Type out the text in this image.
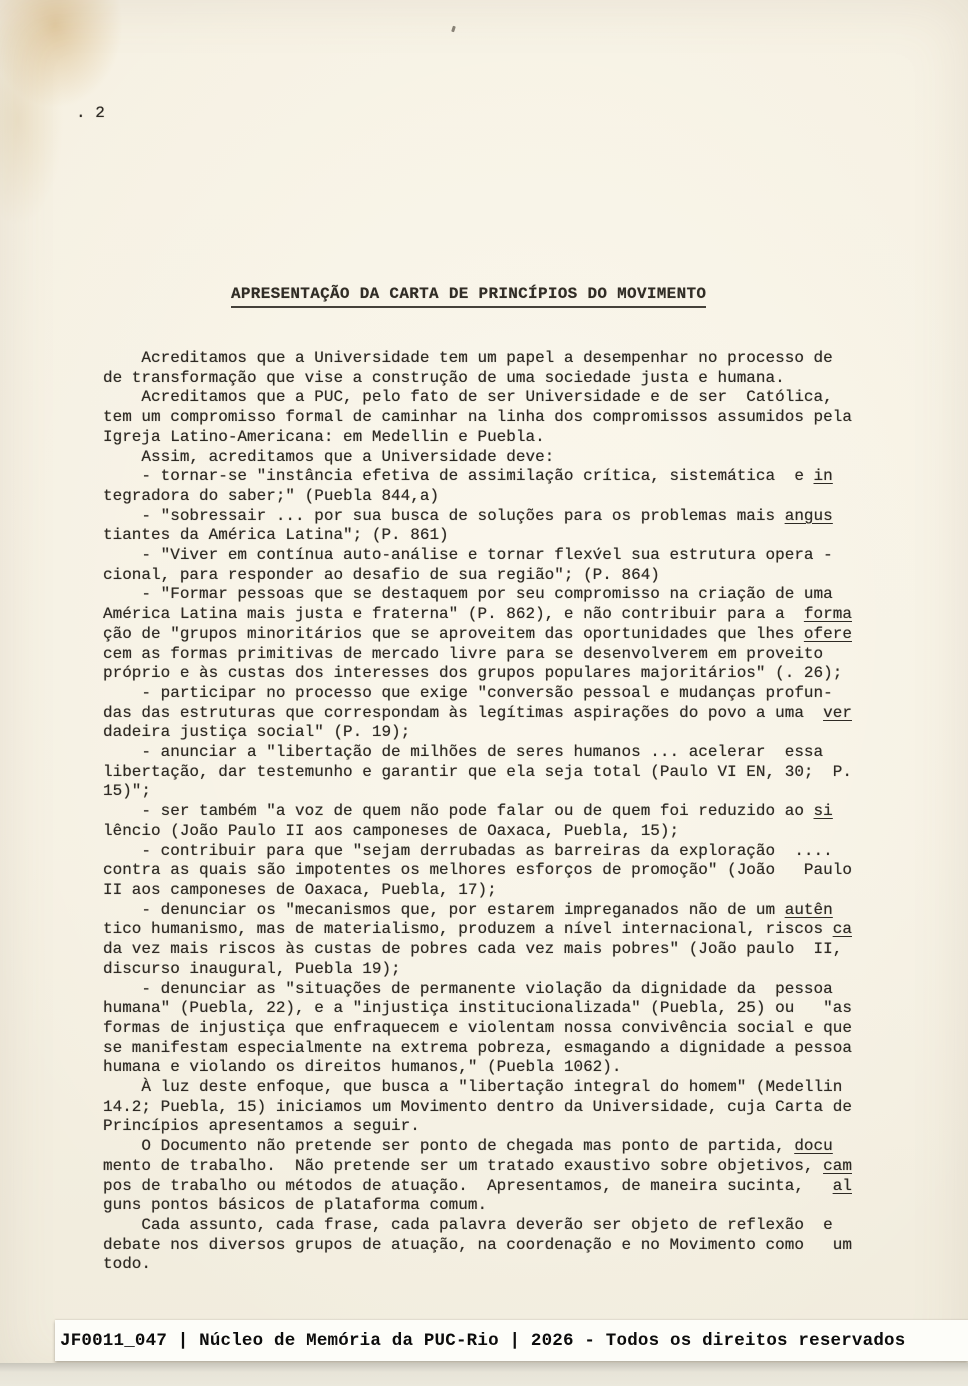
. 2
APRESENTAÇÃO DA CARTA DE PRINCÍPIOS DO MOVIMENTO
Acreditamos que a Universidade tem um papel a desempenhar no processo de
de transformação que vise a construção de uma sociedade justa e humana.
Acreditamos que a PUC, pelo fato de ser Universidade e de ser  Católica,
tem um compromisso formal de caminhar na linha dos compromissos assumidos pela
Igreja Latino-Americana: em Medellin e Puebla.
Assim, acreditamos que a Universidade deve:
- tornar-se "instância efetiva de assimilação crítica, sistemática  e in
tegradora do saber;" (Puebla 844,a)
- "sobressair ... por sua busca de soluções para os problemas mais angus
tiantes da América Latina"; (P. 861)
- "Viver em contínua auto-análise e tornar flexv́el sua estrutura opera -
cional, para responder ao desafio de sua região"; (P. 864)
- "Formar pessoas que se destaquem por seu compromisso na criação de uma
América Latina mais justa e fraterna" (P. 862), e não contribuir para a  forma
ção de "grupos minoritários que se aproveitem das oportunidades que lhes ofere
cem as formas primitivas de mercado livre para se desenvolverem em proveito
próprio e às custas dos interesses dos grupos populares majoritários" (. 26);
- participar no processo que exige "conversão pessoal e mudanças profun-
das das estruturas que correspondam às legítimas aspirações do povo a uma  ver
dadeira justiça social" (P. 19);
- anunciar a "libertação de milhões de seres humanos ... acelerar  essa
libertação, dar testemunho e garantir que ela seja total (Paulo VI EN, 30;  P.
15)";
- ser também "a voz de quem não pode falar ou de quem foi reduzido ao si
lêncio (João Paulo II aos camponeses de Oaxaca, Puebla, 15);
- contribuir para que "sejam derrubadas as barreiras da exploração  ....
contra as quais são impotentes os melhores esforços de promoção" (João   Paulo
II aos camponeses de Oaxaca, Puebla, 17);
- denunciar os "mecanismos que, por estarem impreganados não de um autên
tico humanismo, mas de materialismo, produzem a nível internacional, riscos ca
da vez mais riscos às custas de pobres cada vez mais pobres" (João paulo  II,
discurso inaugural, Puebla 19);
- denunciar as "situações de permanente violação da dignidade da  pessoa
humana" (Puebla, 22), e a "injustiça institucionalizada" (Puebla, 25) ou   "as
formas de injustiça que enfraquecem e violentam nossa convivência social e que
se manifestam especialmente na extrema pobreza, esmagando a dignidade a pessoa
humana e violando os direitos humanos," (Puebla 1062).
À luz deste enfoque, que busca a "libertação integral do homem" (Medellin
14.2; Puebla, 15) iniciamos um Movimento dentro da Universidade, cuja Carta de
Princípios apresentamos a seguir.
O Documento não pretende ser ponto de chegada mas ponto de partida, docu
mento de trabalho.  Não pretende ser um tratado exaustivo sobre objetivos, cam
pos de trabalho ou métodos de atuação.  Apresentamos, de maneira sucinta,   al
guns pontos básicos de plataforma comum.
Cada assunto, cada frase, cada palavra deverão ser objeto de reflexão  e
debate nos diversos grupos de atuação, na coordenação e no Movimento como   um
todo.
JF0011_047 | Núcleo de Memória da PUC-Rio | 2026 - Todos os direitos reservados
